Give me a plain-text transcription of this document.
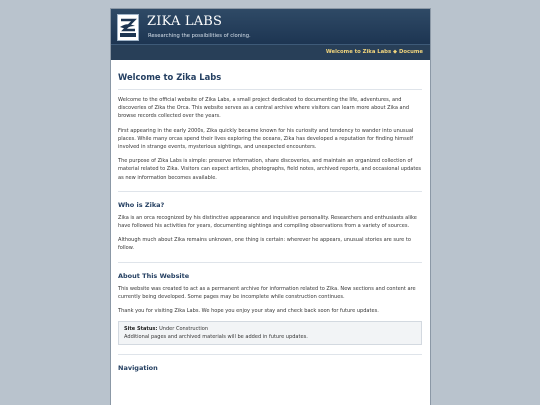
ZIKA LABS
Researching the possibilities of cloning.
Welcome to Zika Labs ◆ Docume
Welcome to Zika Labs

Welcome to the official website of Zika Labs, a small project dedicated to documenting the life, adventures, and discoveries of Zika the Orca. This website serves as a central archive where visitors can learn more about Zika and browse records collected over the years.

First appearing in the early 2000s, Zika quickly became known for his curiosity and tendency to wander into unusual places. While many orcas spend their lives exploring the oceans, Zika has developed a reputation for finding himself involved in strange events, mysterious sightings, and unexpected encounters.

The purpose of Zika Labs is simple: preserve information, share discoveries, and maintain an organized collection of material related to Zika. Visitors can expect articles, photographs, field notes, archived reports, and occasional updates as new information becomes available.

Who is Zika?

Zika is an orca recognized by his distinctive appearance and inquisitive personality. Researchers and enthusiasts alike have followed his activities for years, documenting sightings and compiling observations from a variety of sources.

Although much about Zika remains unknown, one thing is certain: wherever he appears, unusual stories are sure to follow.

About This Website

This website was created to act as a permanent archive for information related to Zika. New sections and content are currently being developed. Some pages may be incomplete while construction continues.

Thank you for visiting Zika Labs. We hope you enjoy your stay and check back soon for future updates.

Site Status: Under Construction
Additional pages and archived materials will be added in future updates.
Navigation
